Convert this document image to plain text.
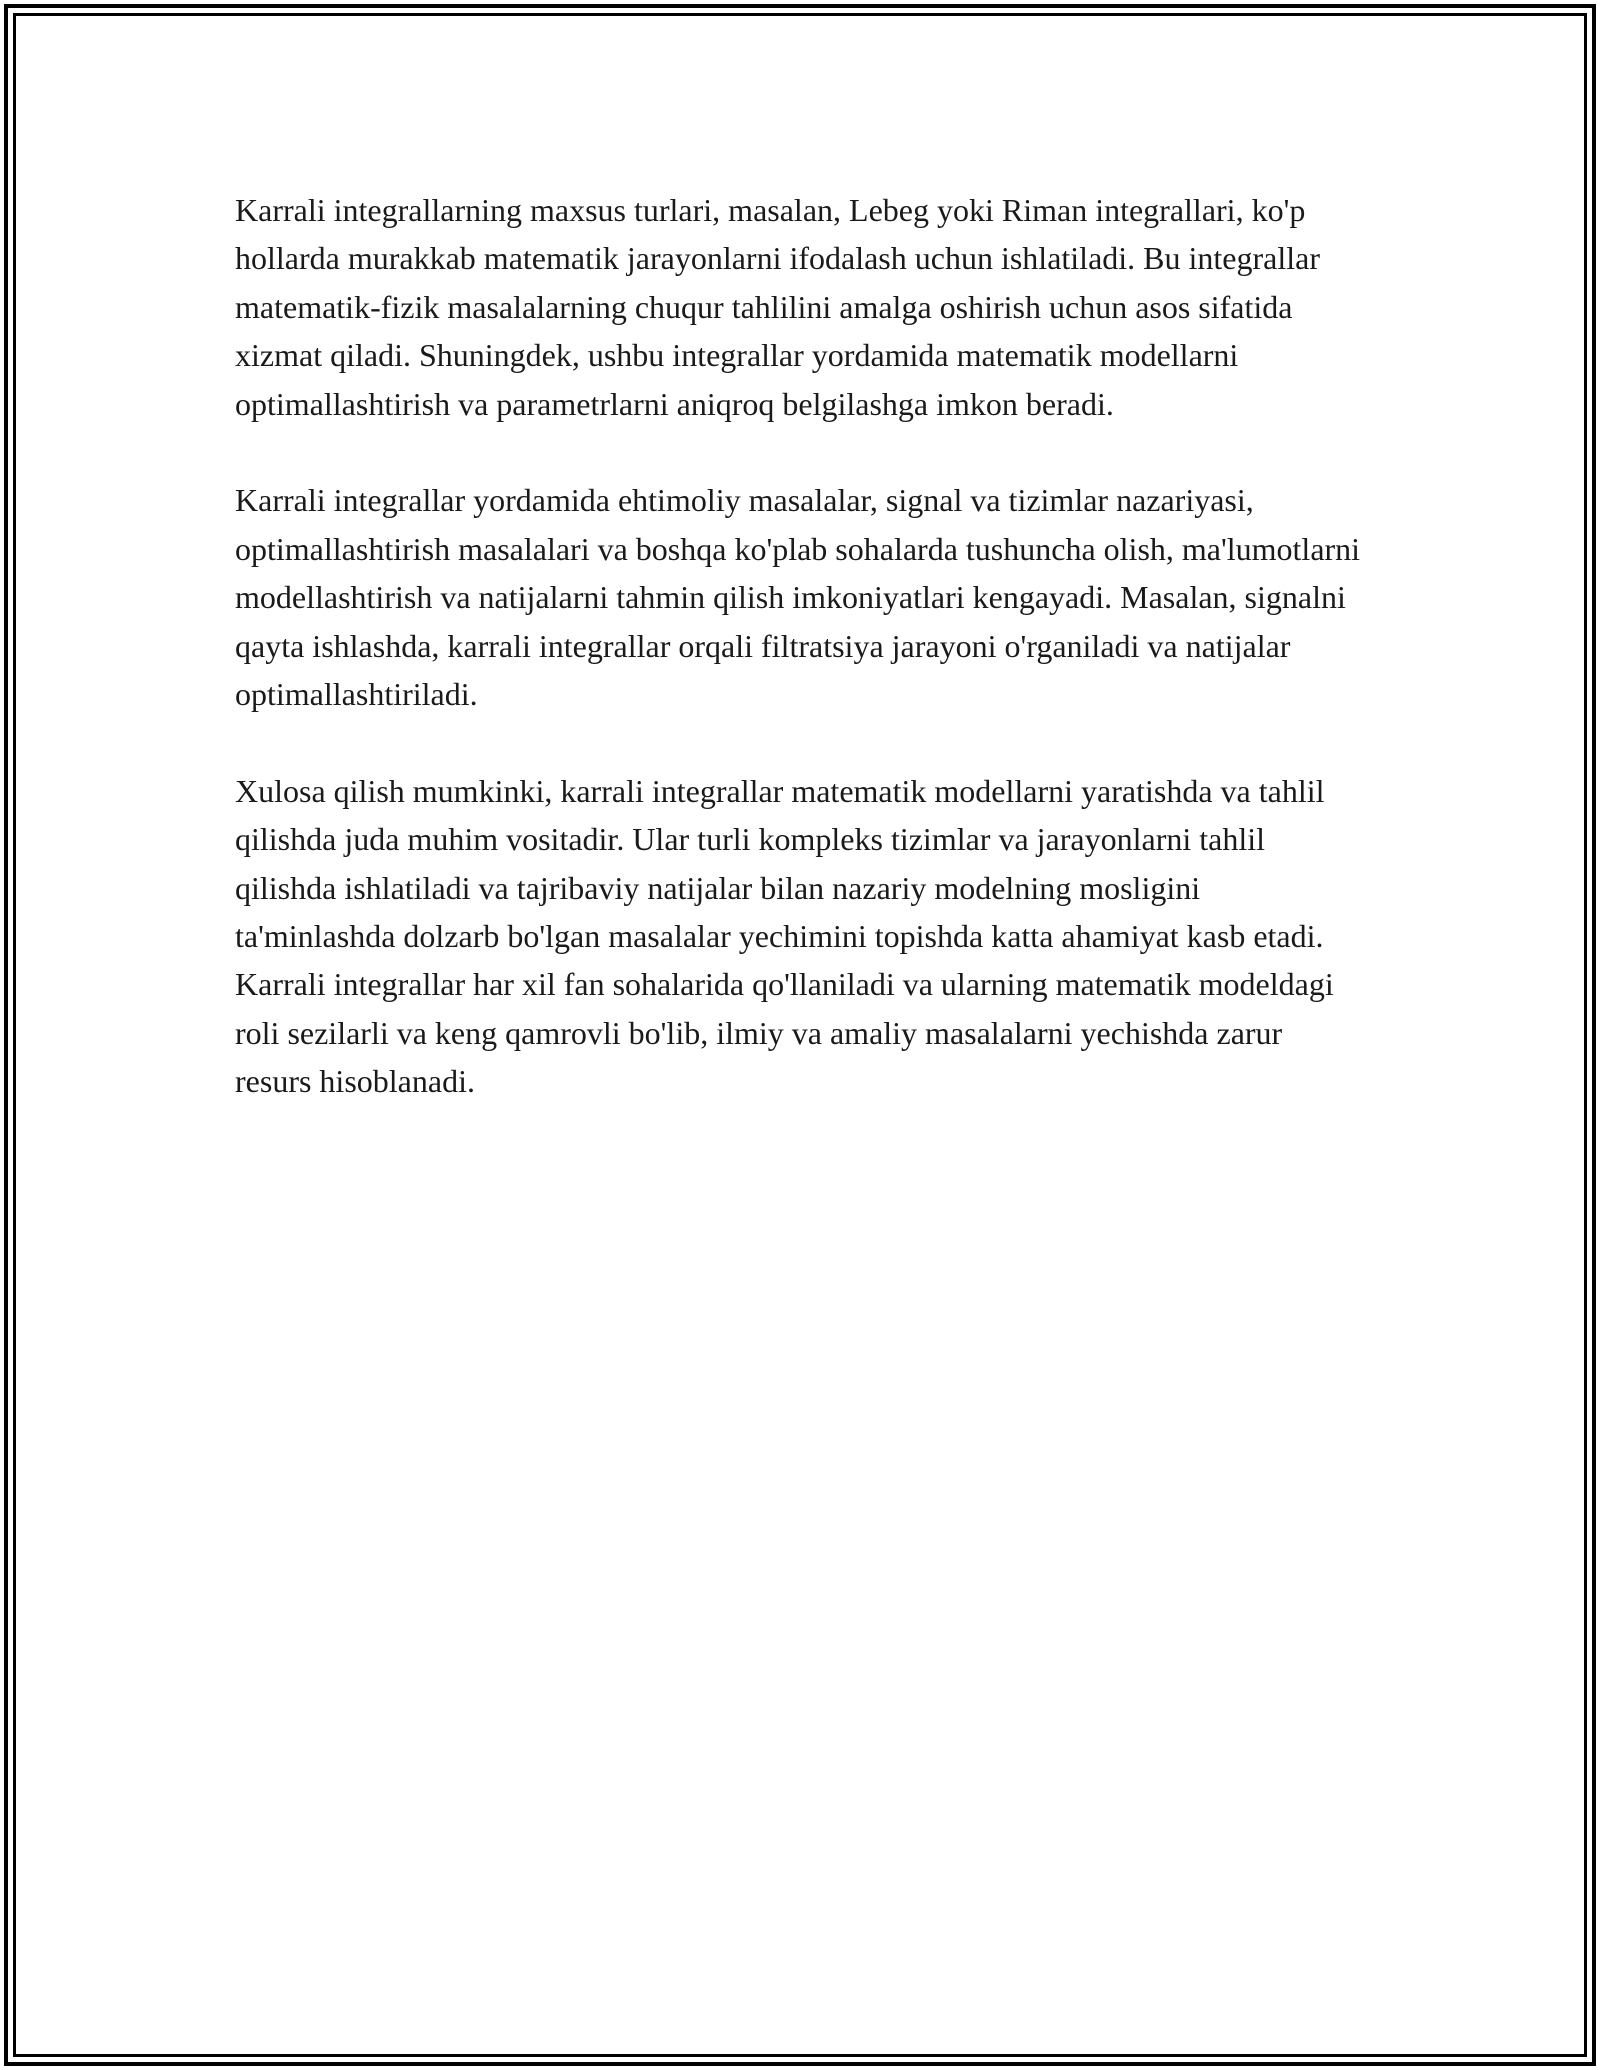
Karrali integrallarning maxsus turlari, masalan, Lebeg yoki Riman integrallari, ko'p hollarda murakkab matematik jarayonlarni ifodalash uchun ishlatiladi. Bu integrallar matematik-fizik masalalarning chuqur tahlilini amalga oshirish uchun asos sifatida xizmat qiladi. Shuningdek, ushbu integrallar yordamida matematik modellarni optimallashtirish va parametrlarni aniqroq belgilashga imkon beradi.

Karrali integrallar yordamida ehtimoliy masalalar, signal va tizimlar nazariyasi, optimallashtirish masalalari va boshqa ko'plab sohalarda tushuncha olish, ma'lumotlarni modellashtirish va natijalarni tahmin qilish imkoniyatlari kengayadi. Masalan, signalni qayta ishlashda, karrali integrallar orqali filtratsiya jarayoni o'rganiladi va natijalar optimallashtiriladi.

Xulosa qilish mumkinki, karrali integrallar matematik modellarni yaratishda va tahlil qilishda juda muhim vositadir. Ular turli kompleks tizimlar va jarayonlarni tahlil qilishda ishlatiladi va tajribaviy natijalar bilan nazariy modelning mosligini ta'minlashda dolzarb bo'lgan masalalar yechimini topishda katta ahamiyat kasb etadi. Karrali integrallar har xil fan sohalarida qo'llaniladi va ularning matematik modeldagi roli sezilarli va keng qamrovli bo'lib, ilmiy va amaliy masalalarni yechishda zarur resurs hisoblanadi.
